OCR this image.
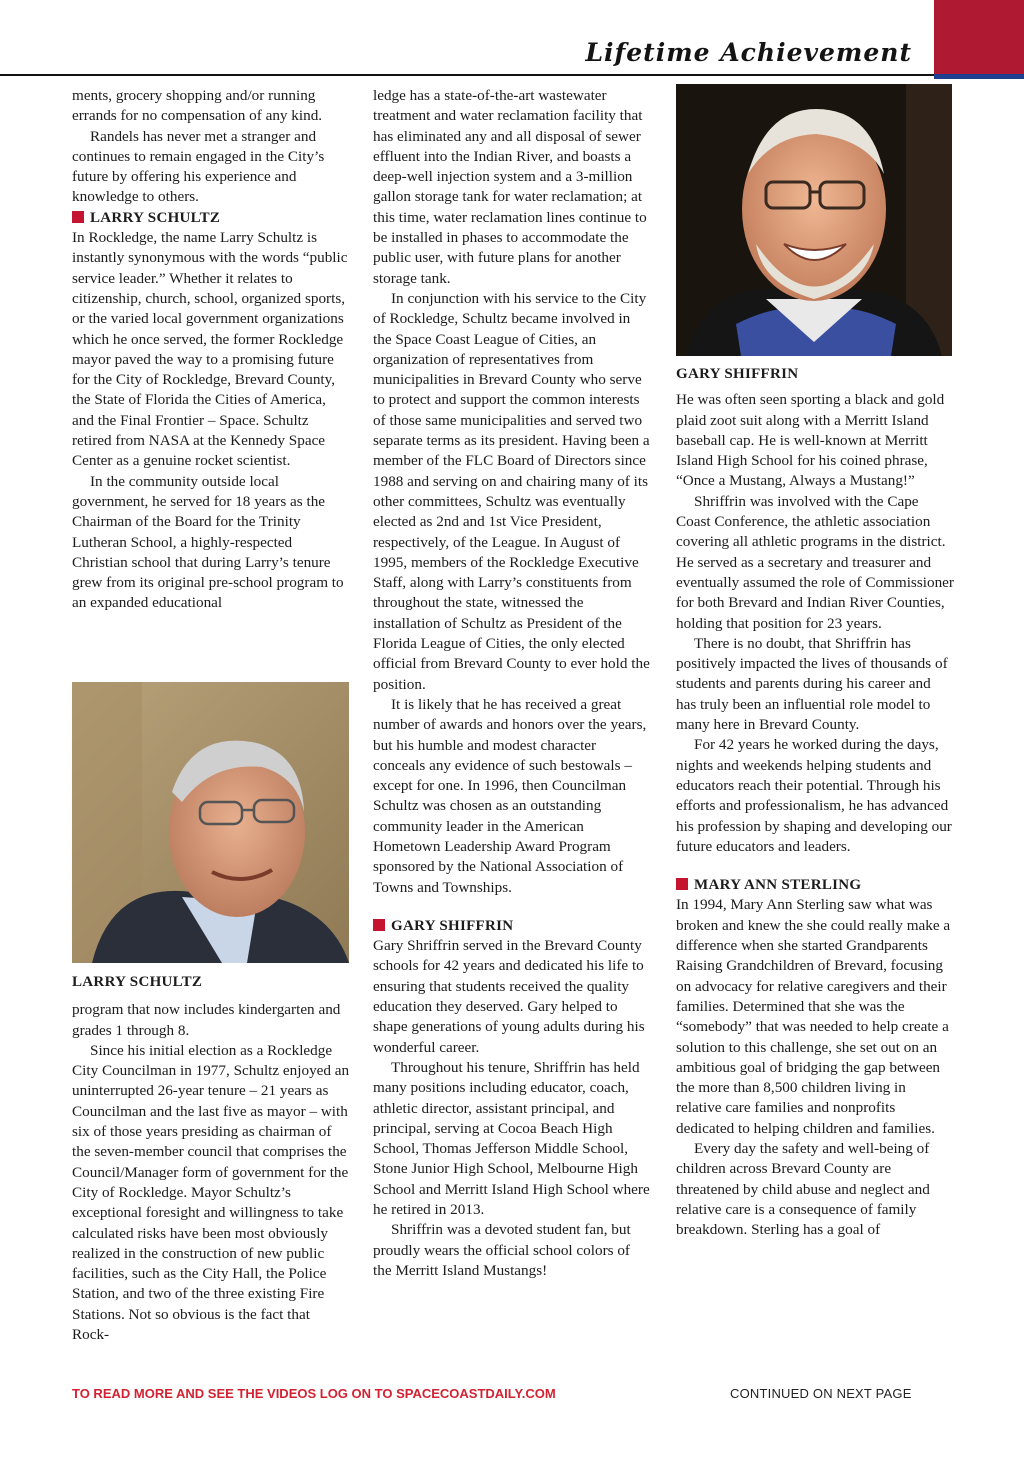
Lifetime Achievement

ments, grocery shopping and/or running errands for no compensation of any kind.

Randels has never met a stranger and continues to remain engaged in the City’s future by offering his experience and knowledge to others.

LARRY SCHULTZ

In Rockledge, the name Larry Schultz is instantly synonymous with the words “public service leader.” Whether it relates to citizenship, church, school, organized sports, or the varied local government organizations which he once served, the former Rockledge mayor paved the way to a promising future for the City of Rockledge, Brevard County, the State of Florida the Cities of America, and the Final Frontier – Space. Schultz retired from NASA at the Kennedy Space Center as a genuine rocket scientist.

In the community outside local government, he served for 18 years as the Chairman of the Board for the Trinity Lutheran School, a highly-respected Christian school that during Larry’s tenure grew from its original pre-school program to an expanded educational

LARRY SCHULTZ

program that now includes kindergarten and grades 1 through 8.

Since his initial election as a Rockledge City Councilman in 1977, Schultz enjoyed an uninterrupted 26-year tenure – 21 years as Councilman and the last five as mayor – with six of those years presiding as chairman of the seven-member council that comprises the Council/Manager form of government for the City of Rockledge. Mayor Schultz’s exceptional foresight and willingness to take calculated risks have been most obviously realized in the construction of new public facilities, such as the City Hall, the Police Station, and two of the three existing Fire Stations. Not so obvious is the fact that Rock-

ledge has a state-of-the-art wastewater treatment and water reclamation facility that has eliminated any and all disposal of sewer effluent into the Indian River, and boasts a deep-well injection system and a 3-million gallon storage tank for water reclamation; at this time, water reclamation lines continue to be installed in phases to accommodate the public user, with future plans for another storage tank.

In conjunction with his service to the City of Rockledge, Schultz became involved in the Space Coast League of Cities, an organization of representatives from municipalities in Brevard County who serve to protect and support the common interests of those same municipalities and served two separate terms as its president. Having been a member of the FLC Board of Directors since 1988 and serving on and chairing many of its other committees, Schultz was eventually elected as 2nd and 1st Vice President, respectively, of the League. In August of 1995, members of the Rockledge Executive Staff, along with Larry’s constituents from throughout the state, witnessed the installation of Schultz as President of the Florida League of Cities, the only elected official from Brevard County to ever hold the position.

It is likely that he has received a great number of awards and honors over the years, but his humble and modest character conceals any evidence of such bestowals – except for one. In 1996, then Councilman Schultz was chosen as an outstanding community leader in the American Hometown Leadership Award Program sponsored by the National Association of Towns and Townships.

GARY SHIFFRIN

Gary Shriffrin served in the Brevard County schools for 42 years and dedicated his life to ensuring that students received the quality education they deserved. Gary helped to shape generations of young adults during his wonderful career.

Throughout his tenure, Shriffrin has held many positions including educator, coach, athletic director, assistant principal, and principal, serving at Cocoa Beach High School, Thomas Jefferson Middle School, Stone Junior High School, Melbourne High School and Merritt Island High School where he retired in 2013.

Shriffrin was a devoted student fan, but proudly wears the official school colors of the Merritt Island Mustangs!

GARY SHIFFRIN

He was often seen sporting a black and gold plaid zoot suit along with a Merritt Island baseball cap. He is well-known at Merritt Island High School for his coined phrase, “Once a Mustang, Always a Mustang!”

Shriffrin was involved with the Cape Coast Conference, the athletic association covering all athletic programs in the district. He served as a secretary and treasurer and eventually assumed the role of Commissioner for both Brevard and Indian River Counties, holding that position for 23 years.

There is no doubt, that Shriffrin has positively impacted the lives of thousands of students and parents during his career and has truly been an influential role model to many here in Brevard County.

For 42 years he worked during the days, nights and weekends helping students and educators reach their potential. Through his efforts and professionalism, he has advanced his profession by shaping and developing our future educators and leaders.

MARY ANN STERLING

In 1994, Mary Ann Sterling saw what was broken and knew the she could really make a difference when she started Grandparents Raising Grandchildren of Brevard, focusing on advocacy for relative caregivers and their families. Determined that she was the “somebody” that was needed to help create a solution to this challenge, she set out on an ambitious goal of bridging the gap between the more than 8,500 children living in relative care families and nonprofits dedicated to helping children and families.

Every day the safety and well-being of children across Brevard County are threatened by child abuse and neglect and relative care is a consequence of family breakdown. Sterling has a goal of

TO READ MORE AND SEE THE VIDEOS LOG ON TO SPACECOASTDAILY.COM	CONTINUED ON NEXT PAGE
